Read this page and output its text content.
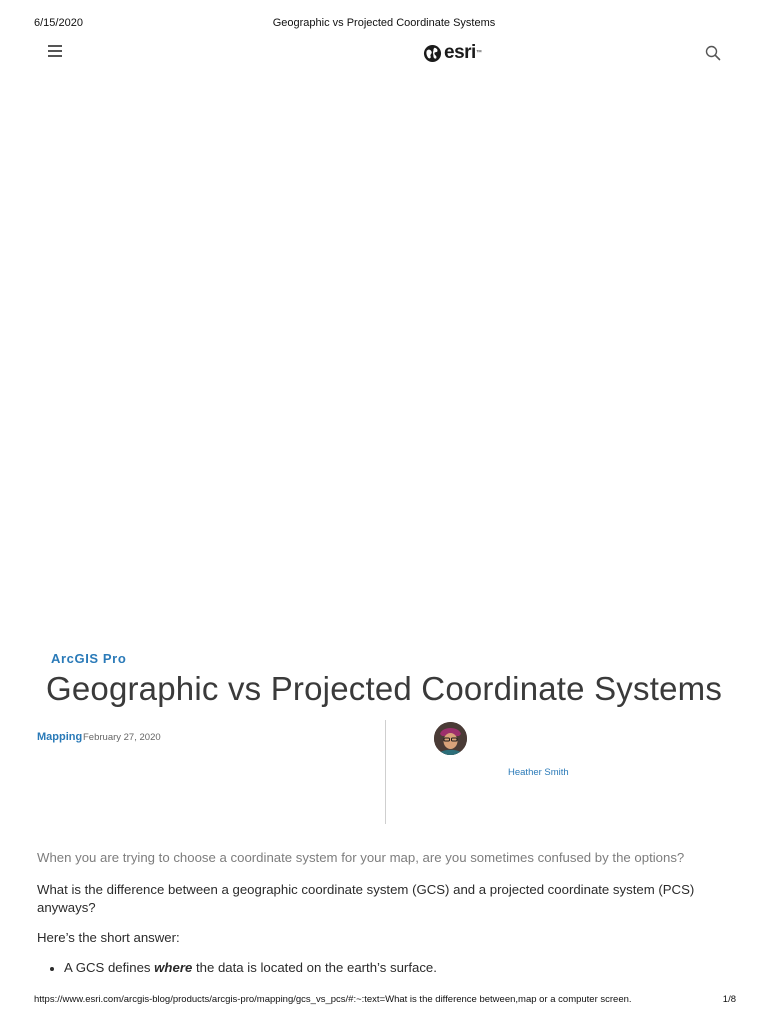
6/15/2020	Geographic vs Projected Coordinate Systems
esri ™
ArcGIS Pro
Geographic vs Projected Coordinate Systems
Mapping February 27, 2020
Heather Smith
When you are trying to choose a coordinate system for your map, are you sometimes confused by the options?
What is the difference between a geographic coordinate system (GCS) and a projected coordinate system (PCS) anyways?
Here’s the short answer:
A GCS defines where the data is located on the earth’s surface.
https://www.esri.com/arcgis-blog/products/arcgis-pro/mapping/gcs_vs_pcs/#:~:text=What is the difference between,map or a computer screen.	1/8
